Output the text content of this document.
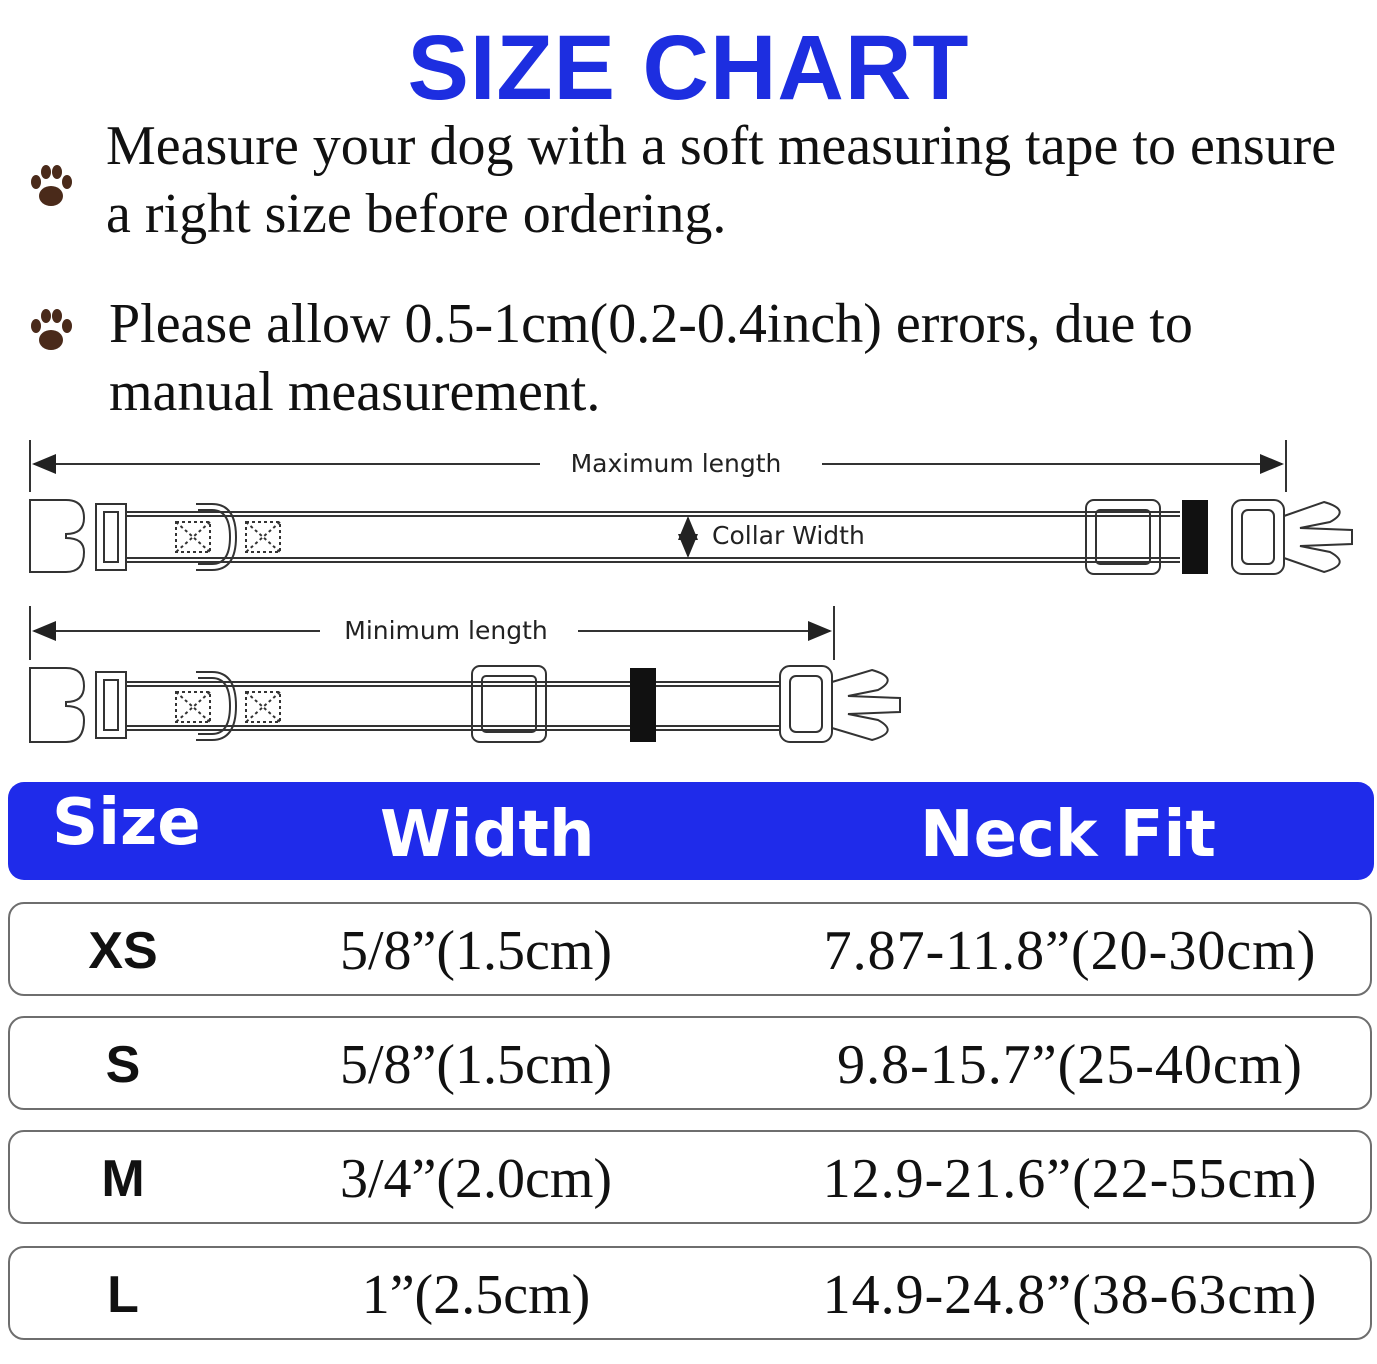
SIZE CHART
Measure your dog with a soft measuring tape to ensure a right size before ordering.
Please allow 0.5-1cm(0.2-0.4inch) errors, due to manual measurement.
Maximum length
Collar Width
Minimum length
Size	Width	Neck Fit
XS	5/8”(1.5cm)	7.87-11.8”(20-30cm)
S	5/8”(1.5cm)	9.8-15.7”(25-40cm)
M	3/4”(2.0cm)	12.9-21.6”(22-55cm)
L	1”(2.5cm)	14.9-24.8”(38-63cm)
